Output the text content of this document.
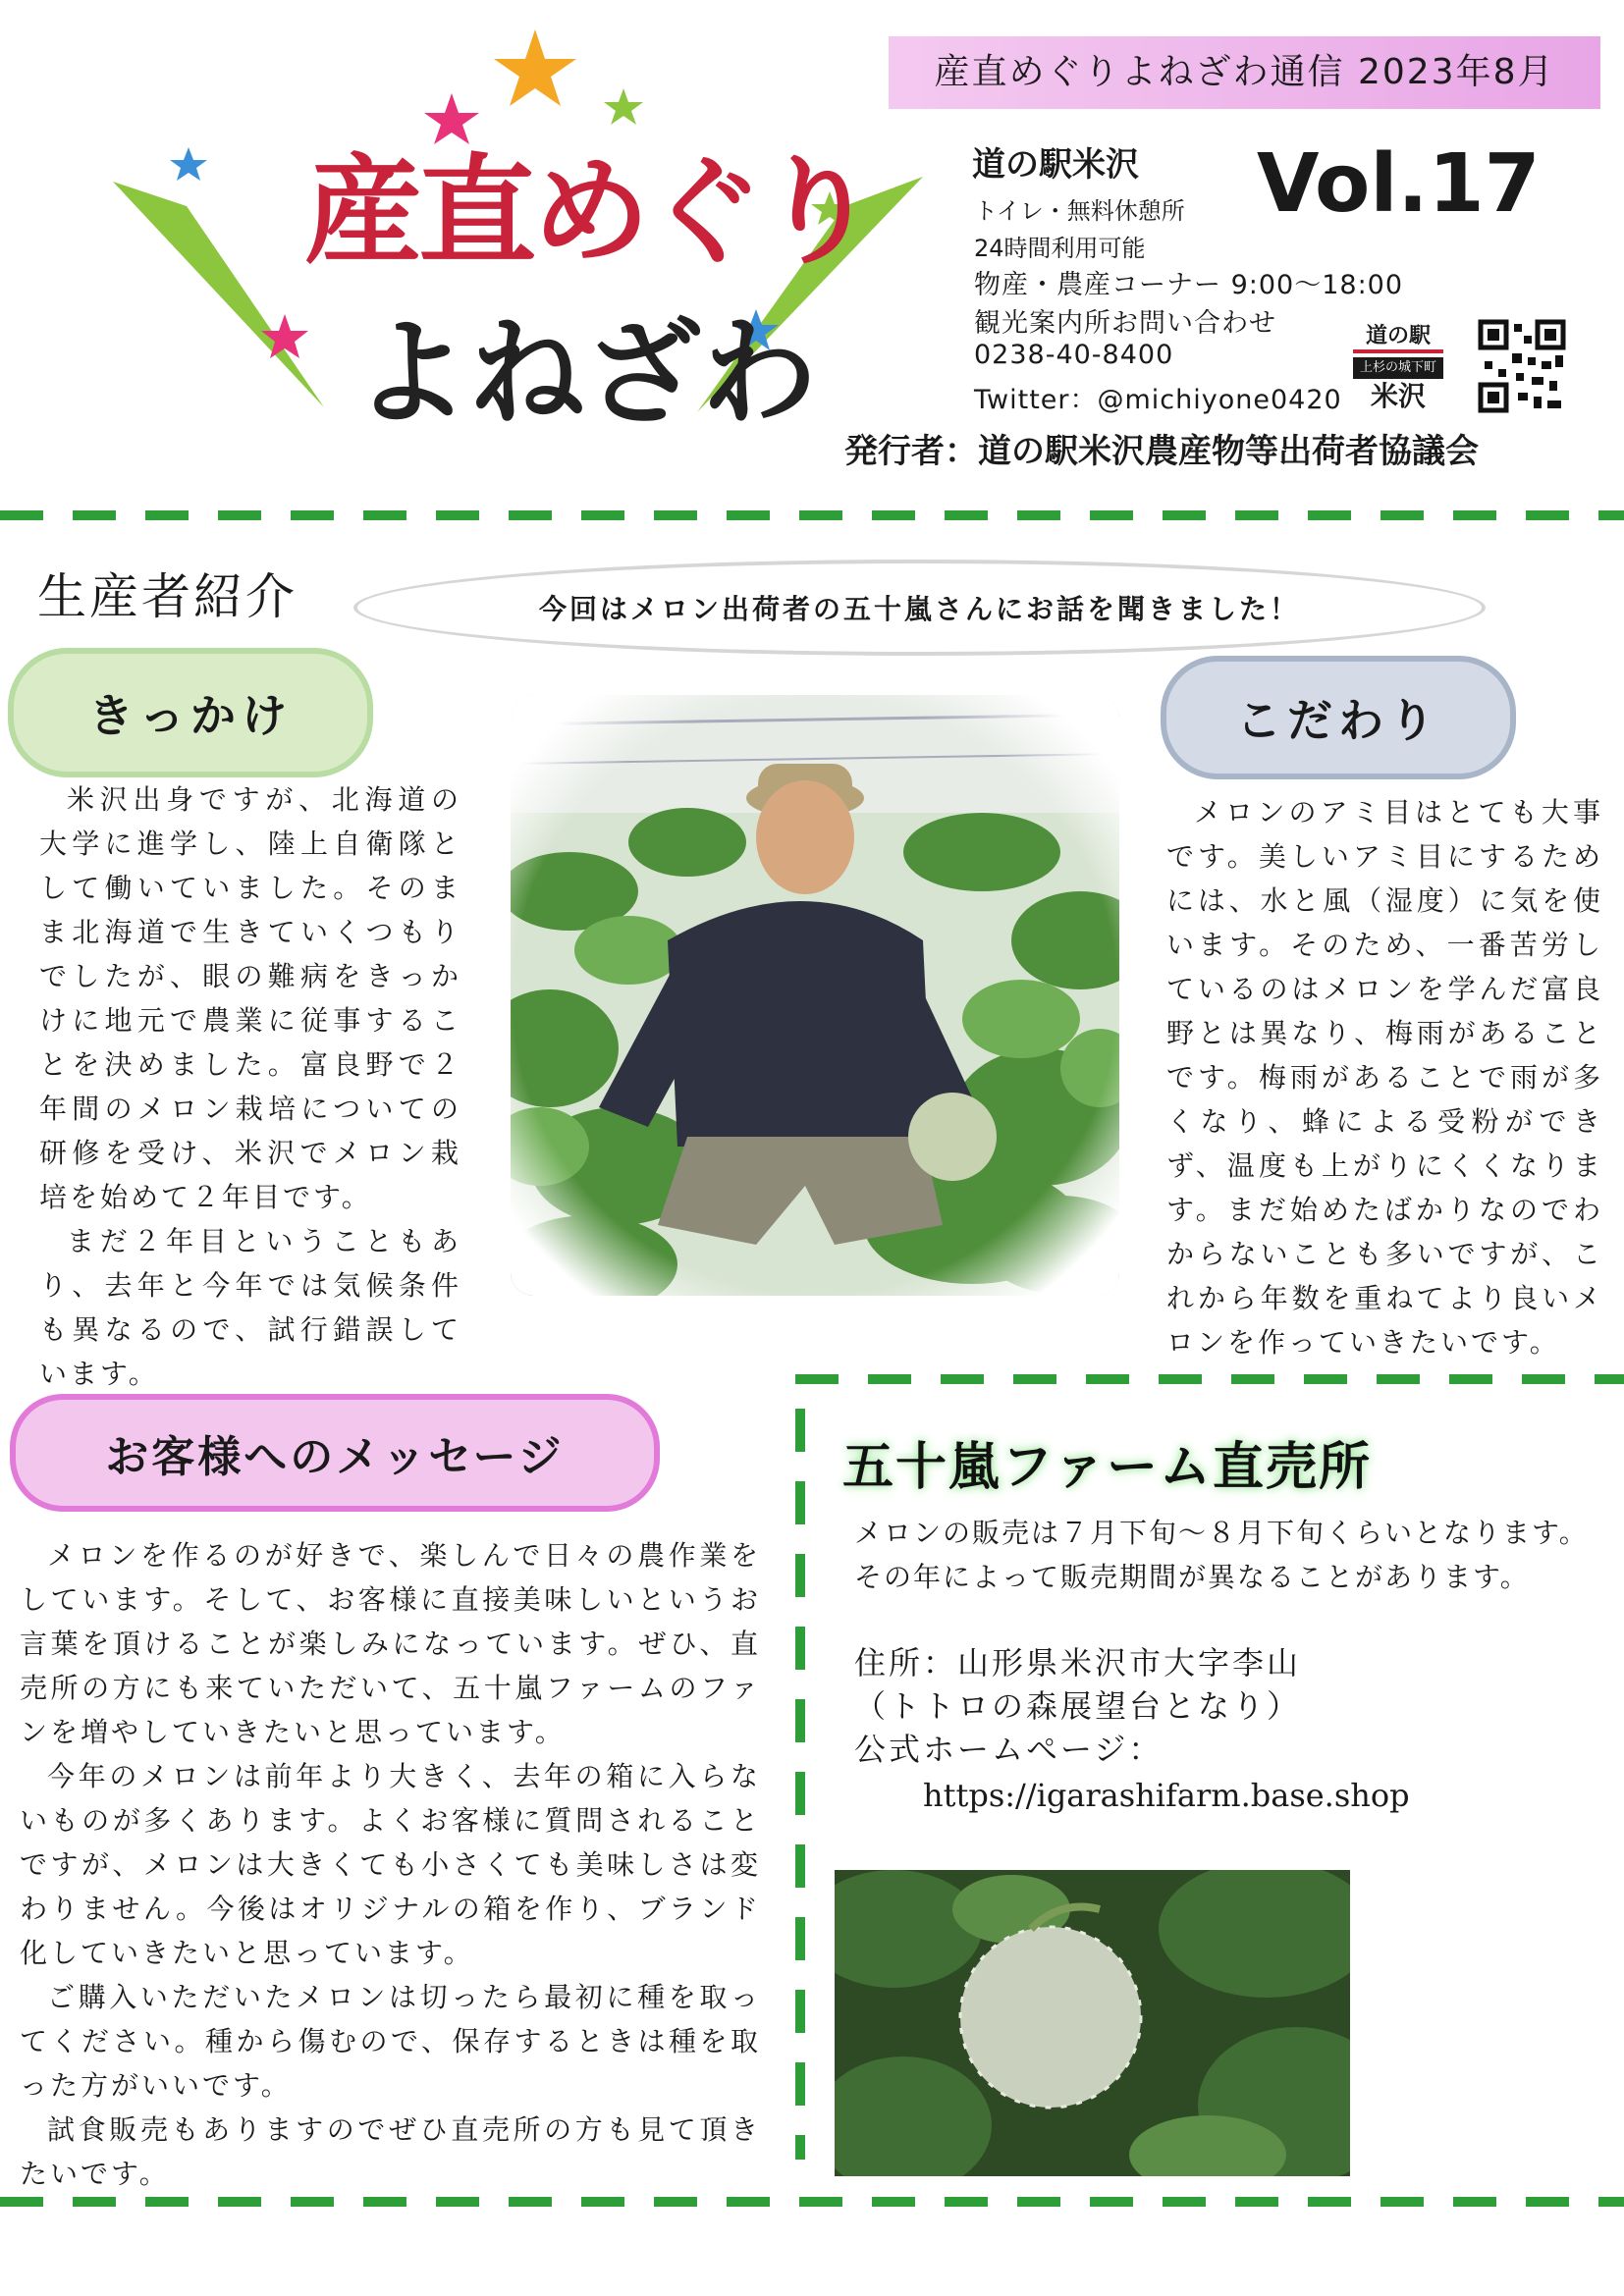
産直めぐりよねざわ通信 2023年8月
産直めぐり
よねざわ
道の駅米沢 Vol.17
トイレ・無料休憩所
24時間利用可能
物産・農産コーナー 9:00〜18:00
観光案内所お問い合わせ
0238-40-8400
Twitter：@michiyone0420
道の駅
上杉の城下町
米沢
発行者：道の駅米沢農産物等出荷者協議会
生産者紹介	今回はメロン出荷者の五十嵐さんにお話を聞きました！
きっかけ

米沢出身ですが、北海道の大学に進学し、陸上自衛隊として働いていました。そのまま北海道で生きていくつもりでしたが、眼の難病をきっかけに地元で農業に従事することを決めました。富良野で２年間のメロン栽培についての研修を受け、米沢でメロン栽培を始めて２年目です。

まだ２年目ということもあり、去年と今年では気候条件も異なるので、試行錯誤しています。

こだわり

メロンのアミ目はとても大事です。美しいアミ目にするためには、水と風（湿度）に気を使います。そのため、一番苦労しているのはメロンを学んだ富良野とは異なり、梅雨があることです。梅雨があることで雨が多くなり、蜂による受粉ができず、温度も上がりにくくなります。まだ始めたばかりなのでわからないことも多いですが、これから年数を重ねてより良いメロンを作っていきたいです。

お客様へのメッセージ

メロンを作るのが好きで、楽しんで日々の農作業をしています。そして、お客様に直接美味しいというお言葉を頂けることが楽しみになっています。ぜひ、直売所の方にも来ていただいて、五十嵐ファームのファンを増やしていきたいと思っています。

今年のメロンは前年より大きく、去年の箱に入らないものが多くあります。よくお客様に質問されることですが、メロンは大きくても小さくても美味しさは変わりません。今後はオリジナルの箱を作り、ブランド化していきたいと思っています。

ご購入いただいたメロンは切ったら最初に種を取ってください。種から傷むので、保存するときは種を取った方がいいです。

試食販売もありますのでぜひ直売所の方も見て頂きたいです。

五十嵐ファーム直売所
メロンの販売は７月下旬〜８月下旬くらいとなります。
その年によって販売期間が異なることがあります。
住所：山形県米沢市大字李山
（トトロの森展望台となり）
公式ホームページ：
https://igarashifarm.base.shop
